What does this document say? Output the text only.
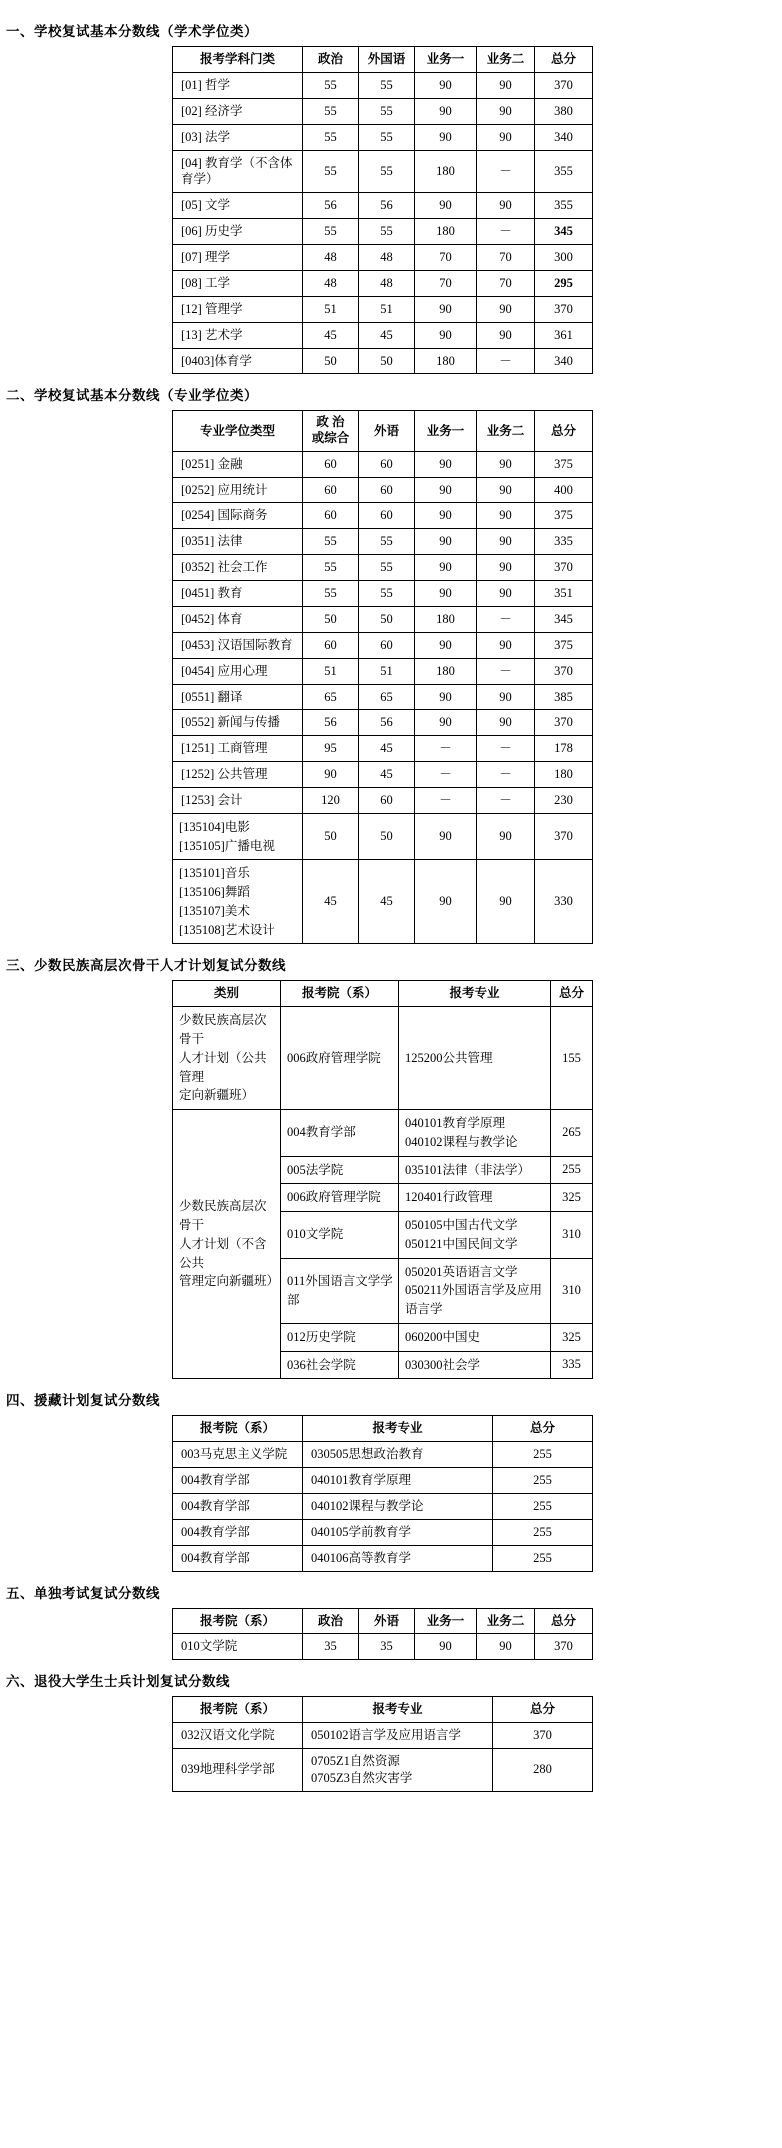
一、学校复试基本分数线（学术学位类）
报考学科门类	政治	外国语	业务一	业务二	总分
[01] 哲学	55	55	90	90	370
[02] 经济学	55	55	90	90	380
[03] 法学	55	55	90	90	340
[04] 教育学（不含体育学）	55	55	180	－	355
[05] 文学	56	56	90	90	355
[06] 历史学	55	55	180	－	345
[07] 理学	48	48	70	70	300
[08] 工学	48	48	70	70	295
[12] 管理学	51	51	90	90	370
[13] 艺术学	45	45	90	90	361
[0403]体育学	50	50	180	－	340
二、学校复试基本分数线（专业学位类）
专业学位类型	政 治
或综合	外语	业务一	业务二	总分
[0251] 金融	60	60	90	90	375
[0252] 应用统计	60	60	90	90	400
[0254] 国际商务	60	60	90	90	375
[0351] 法律	55	55	90	90	335
[0352] 社会工作	55	55	90	90	370
[0451] 教育	55	55	90	90	351
[0452] 体育	50	50	180	－	345
[0453] 汉语国际教育	60	60	90	90	375
[0454] 应用心理	51	51	180	－	370
[0551] 翻译	65	65	90	90	385
[0552] 新闻与传播	56	56	90	90	370
[1251] 工商管理	95	45	－	－	178
[1252] 公共管理	90	45	－	－	180
[1253] 会计	120	60	－	－	230

[135104]电影
[135105]广播电视	50	50	90	90	370

[135101]音乐
[135106]舞蹈
[135107]美术
[135108]艺术设计	45	45	90	90	330
三、少数民族高层次骨干人才计划复试分数线
类别	报考院（系）	报考专业	总分

少数民族高层次骨干
人才计划（公共管理
定向新疆班）	006政府管理学院	125200公共管理	155

少数民族高层次骨干
人才计划（不含公共
管理定向新疆班）
	004教育学部	
040101教育学原理
040102课程与教学论
	265
	005法学院	035101法律（非法学）	255
	006政府管理学院	120401行政管理	325
	010文学院	050105中国古代文学
050121中国民间文学	310
	011外国语言文学学部	050201英语语言文学
050211外国语言学及应用
语言学	310
	012历史学院	060200中国史	325
	036社会学院	030300社会学	335
四、援藏计划复试分数线
报考院（系）	报考专业	总分
003马克思主义学院	030505思想政治教育	255
004教育学部	040101教育学原理	255
004教育学部	040102课程与教学论	255
004教育学部	040105学前教育学	255
004教育学部	040106高等教育学	255
五、单独考试复试分数线
报考院（系）	政治	外语	业务一	业务二	总分
010文学院	35	35	90	90	370
六、退役大学生士兵计划复试分数线
报考院（系）	报考专业	总分
032汉语文化学院	050102语言学及应用语言学	370
039地理科学学部	0705Z1自然资源
0705Z3自然灾害学	280
